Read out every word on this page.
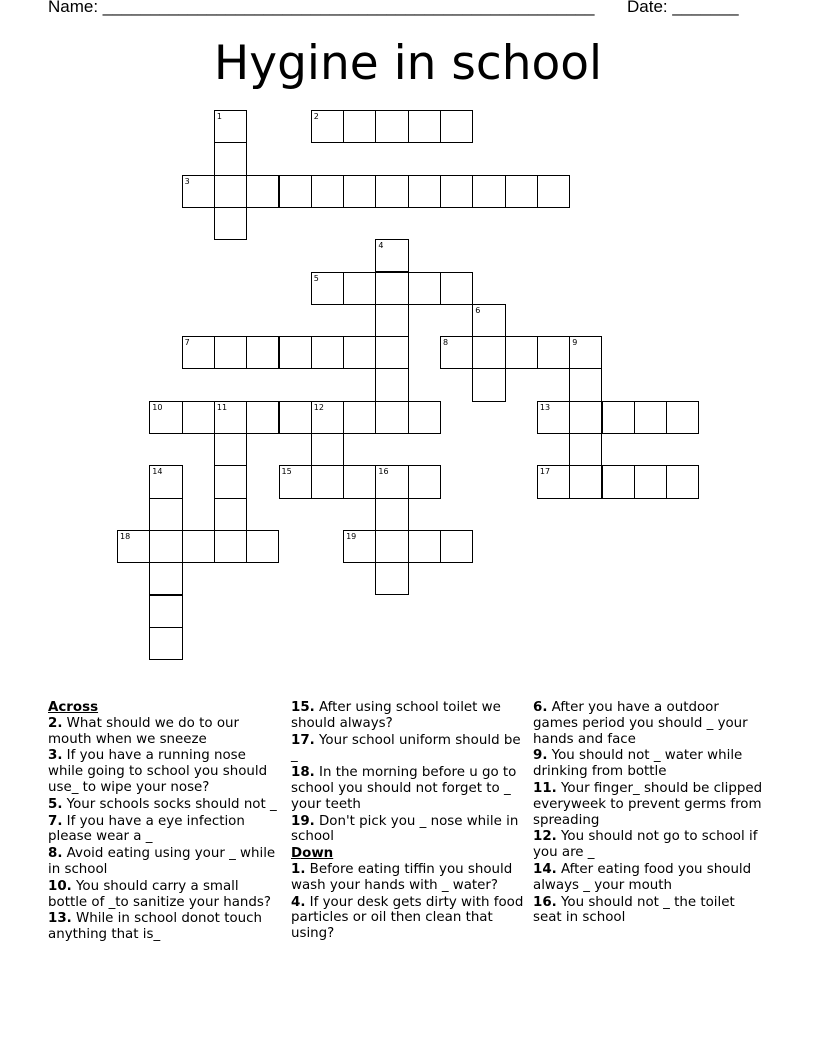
Name: ____________________________________________________ Date: _______
Hygine in school
1	2
3
4
5
6
7	8	9
10	11	12	13
14	15	16	17
18	19
Across
2. What should we do to our mouth when we sneeze
3. If you have a running nose while going to school you should use_ to wipe your nose?
5. Your schools socks should not _
7. If you have a eye infection please wear a _
8. Avoid eating using your _ while in school
10. You should carry a small bottle of _to sanitize your hands?
13. While in school donot touch anything that is_
15. After using school toilet we should always?
17. Your school uniform should be _
18. In the morning before u go to school you should not forget to _ your teeth
19. Don't pick you _ nose while in school
Down
1. Before eating tiffin you should wash your hands with _ water?
4. If your desk gets dirty with food particles or oil then clean that using?
6. After you have a outdoor games period you should _ your hands and face
9. You should not _ water while drinking from bottle
11. Your finger_ should be clipped everyweek to prevent germs from spreading
12. You should not go to school if you are _
14. After eating food you should always _ your mouth
16. You should not _ the toilet seat in school
